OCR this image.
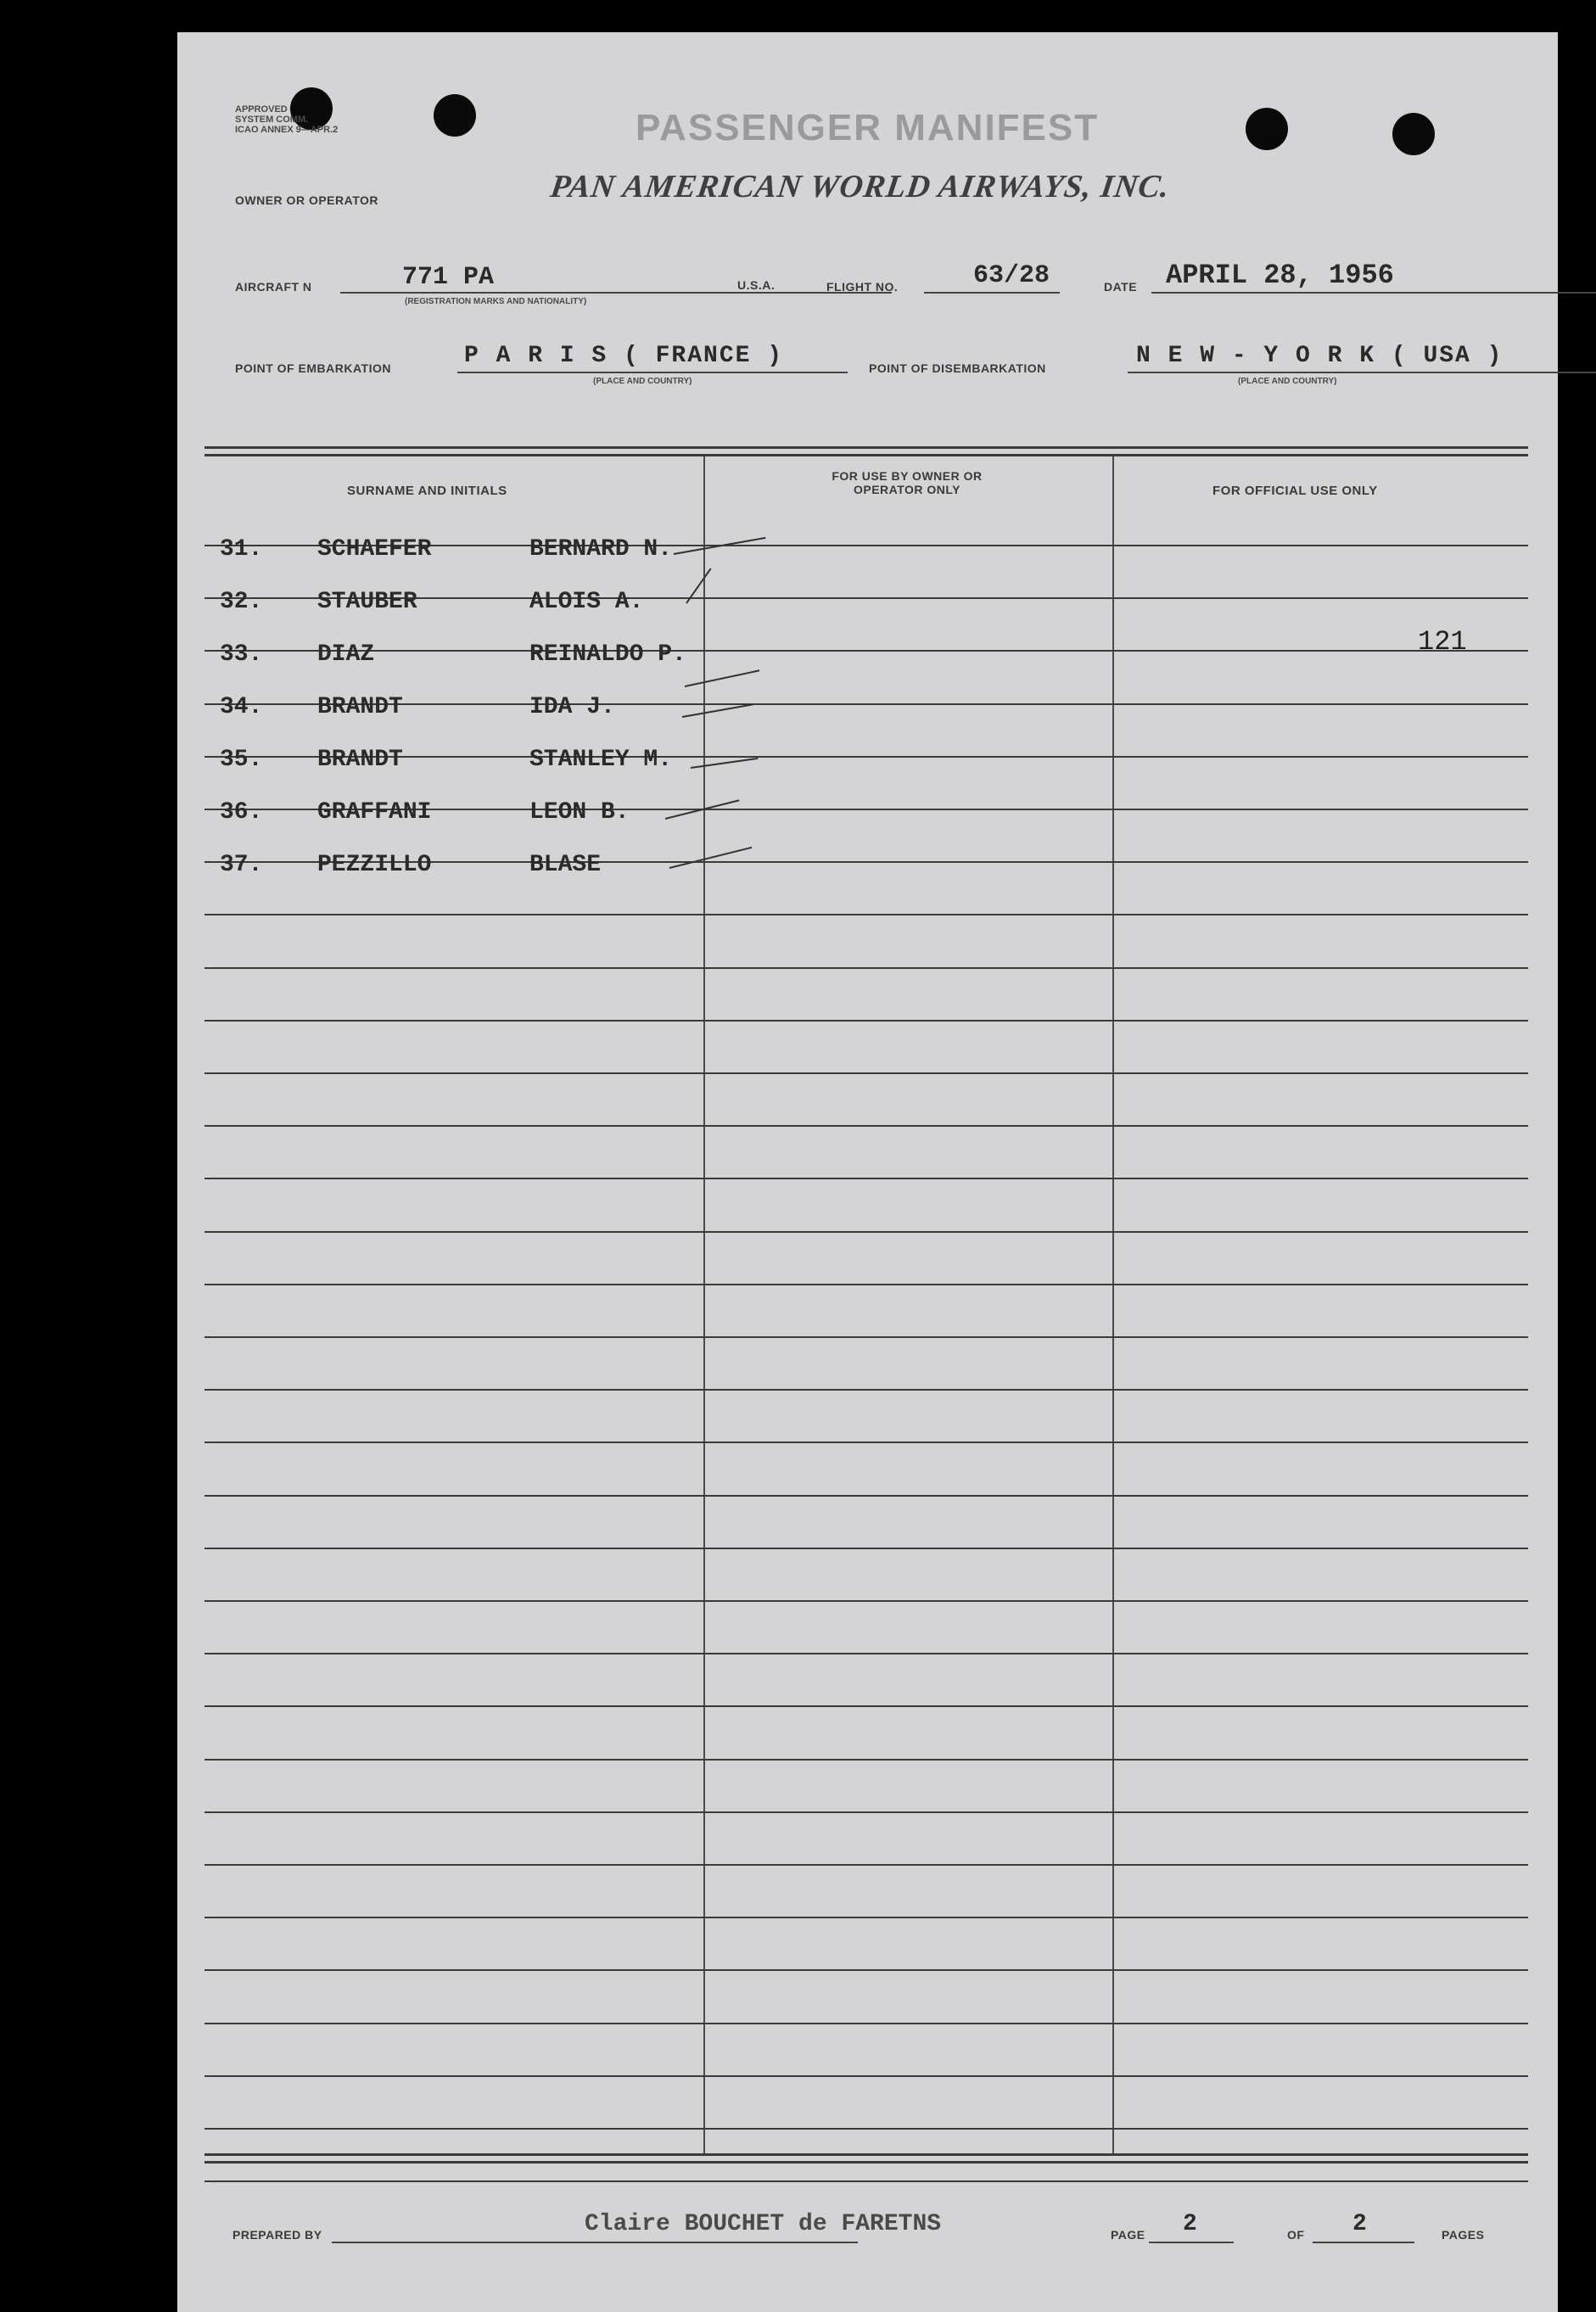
APPROVED
SYSTEM COMM.
ICAO ANNEX 9—APR.2	PASSENGER MANIFEST
OWNER OR OPERATOR	PAN AMERICAN WORLD AIRWAYS, INC.
AIRCRAFT N	771 PA
(REGISTRATION MARKS AND NATIONALITY)
U.S.A.	FLIGHT NO.	63/28	DATE APRIL 28, 1956
POINT OF EMBARKATION	P A R I S ( FRANCE )
(PLACE AND COUNTRY)
POINT OF DISEMBARKATION	N E W - Y O R K ( USA )
(PLACE AND COUNTRY)
SURNAME AND INITIALS
FOR USE BY OWNER OR OPERATOR ONLY	FOR OFFICIAL USE ONLY
31. SCHAEFER	BERNARD N.
32. STAUBER	ALOIS A.
33. DIAZ	REINALDO P.
34. BRANDT	IDA J.
35. BRANDT	STANLEY M.
36. GRAFFANI	LEON B.
37. PEZZILLO	BLASE
121
PREPARED BY	Claire BOUCHET de FARETNS	PAGE 2	OF 2	PAGES
